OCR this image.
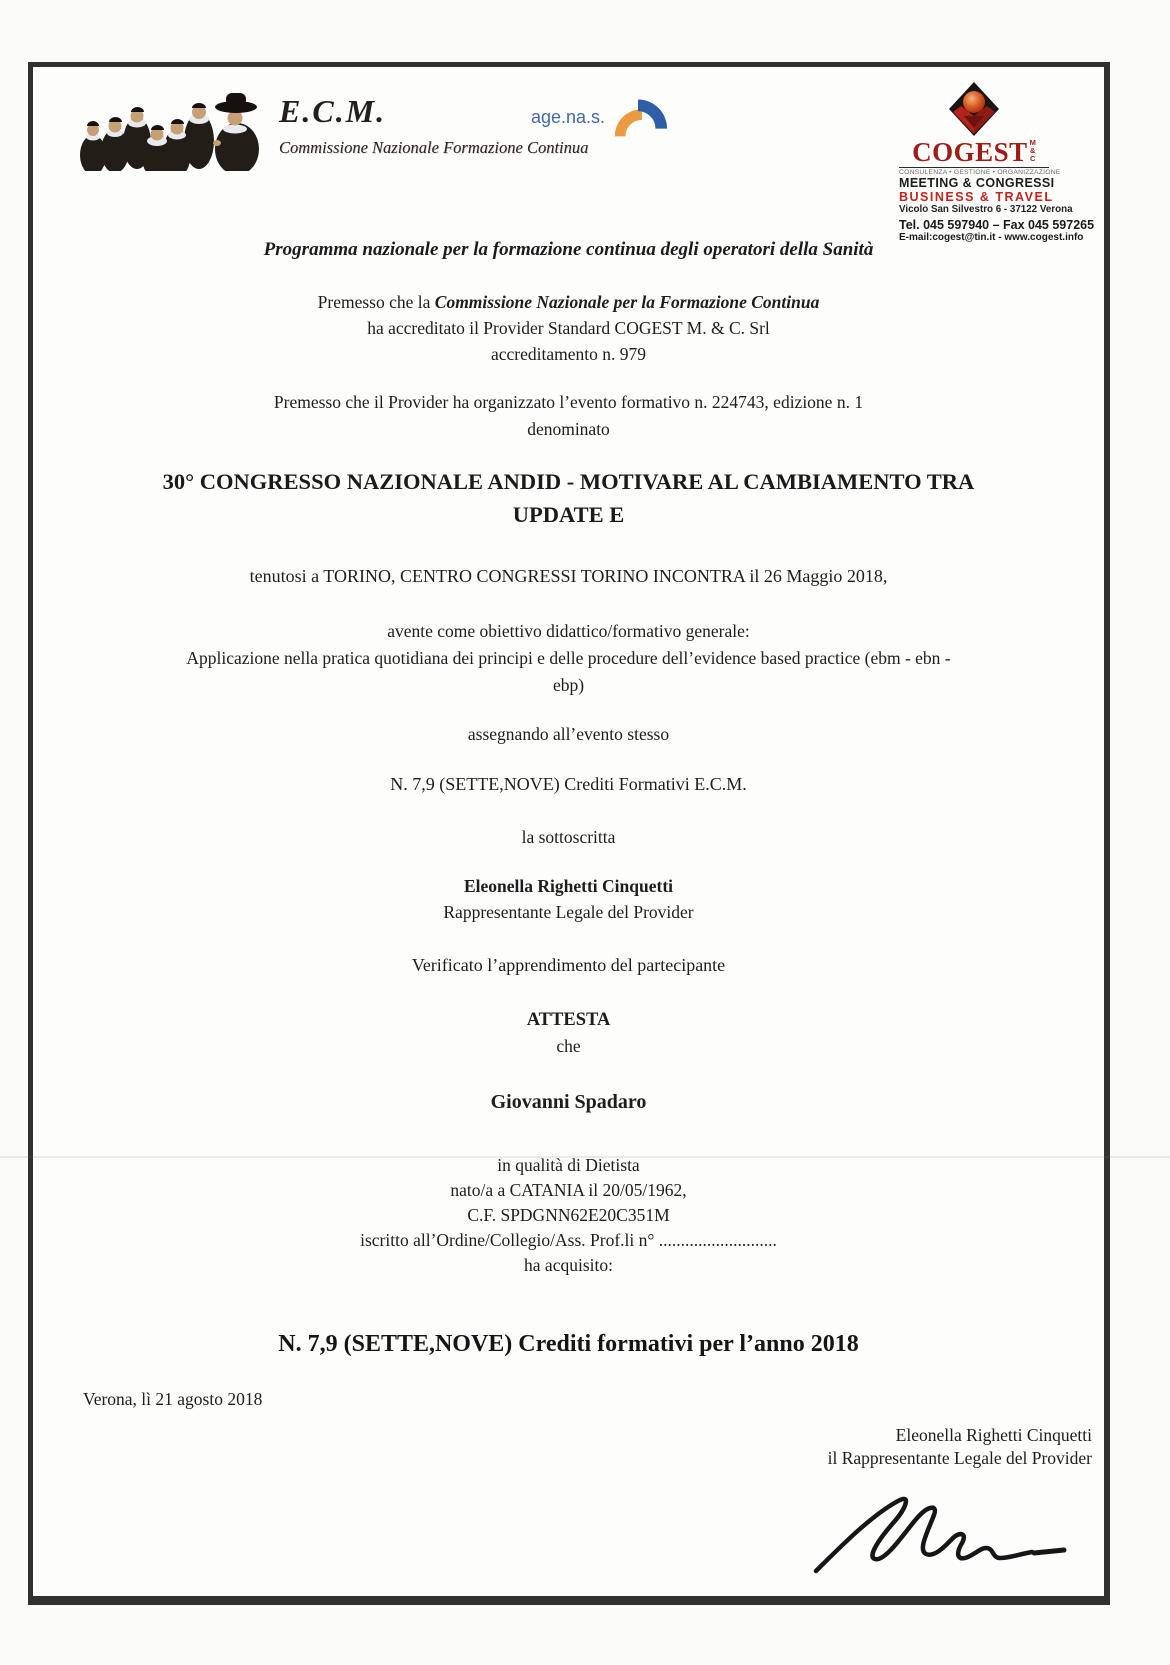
E.C.M.
Commissione Nazionale Formazione Continua
age.na.s.
COGEST M
&
C
CONSULENZA • GESTIONE • ORGANIZZAZIONE
MEETING & CONGRESSI
BUSINESS & TRAVEL
Vicolo San Silvestro 6 - 37122 Verona
Tel. 045 597940 – Fax 045 597265
E-mail:cogest@tin.it - www.cogest.info
Programma nazionale per la formazione continua degli operatori della Sanità
Premesso che la Commissione Nazionale per la Formazione Continua
ha accreditato il Provider Standard COGEST M. & C. Srl
accreditamento n. 979
Premesso che il Provider ha organizzato l’evento formativo n. 224743, edizione n. 1
denominato
30° CONGRESSO NAZIONALE ANDID - MOTIVARE AL CAMBIAMENTO TRA
UPDATE E
tenutosi a TORINO, CENTRO CONGRESSI TORINO INCONTRA il 26 Maggio 2018,
avente come obiettivo didattico/formativo generale:
Applicazione nella pratica quotidiana dei principi e delle procedure dell’evidence based practice (ebm - ebn -
ebp)
assegnando all’evento stesso
N. 7,9 (SETTE,NOVE) Crediti Formativi E.C.M.
la sottoscritta
Eleonella Righetti Cinquetti
Rappresentante Legale del Provider
Verificato l’apprendimento del partecipante
ATTESTA
che
Giovanni Spadaro
in qualità di Dietista
nato/a a CATANIA il 20/05/1962,
C.F. SPDGNN62E20C351M
iscritto all’Ordine/Collegio/Ass. Prof.li n° ...........................
ha acquisito:
N. 7,9 (SETTE,NOVE) Crediti formativi per l’anno 2018
Verona, lì 21 agosto 2018
Eleonella Righetti Cinquetti
il Rappresentante Legale del Provider
